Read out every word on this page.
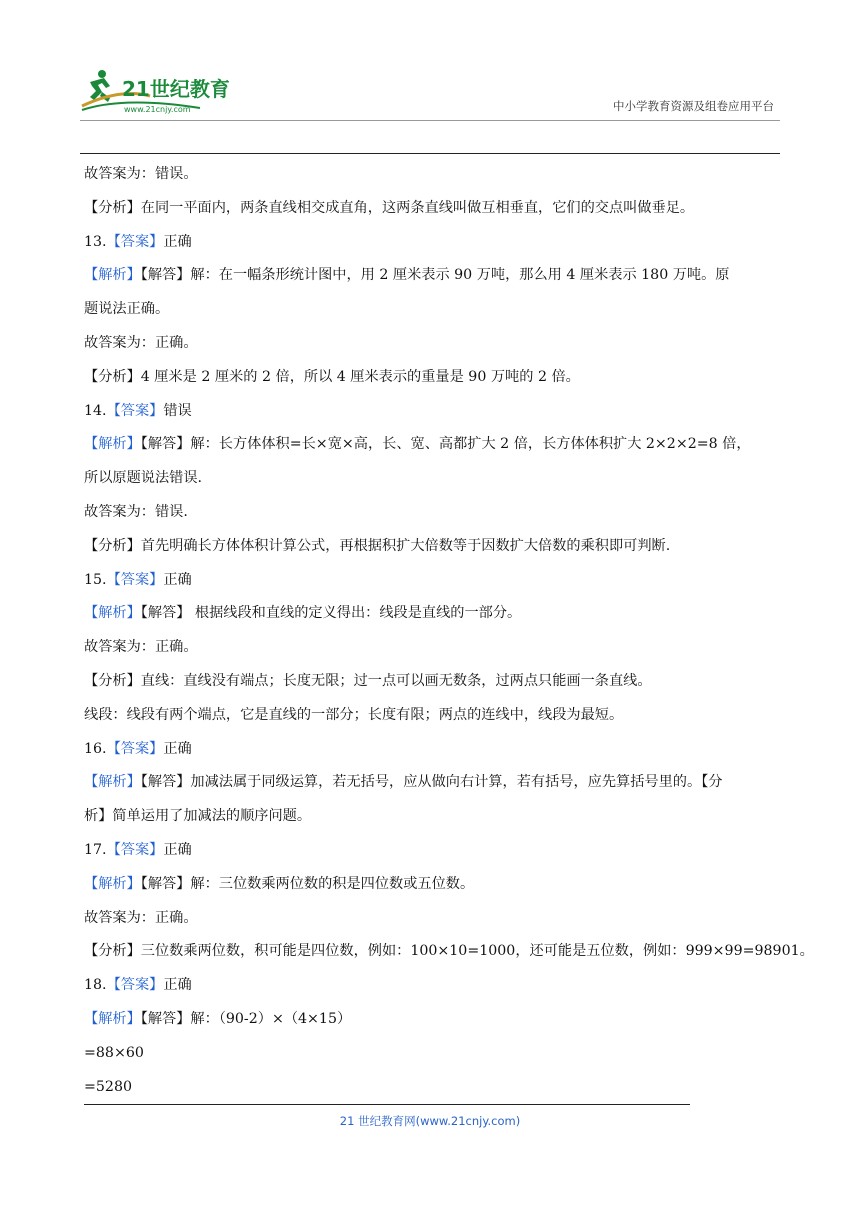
21世纪教育
www.21cnjy.com	中小学教育资源及组卷应用平台
故答案为：错误。
【分析】在同一平面内，两条直线相交成直角，这两条直线叫做互相垂直，它们的交点叫做垂足。
13.【答案】正确
【解析】【解答】解：在一幅条形统计图中，用 2 厘米表示 90 万吨，那么用 4 厘米表示 180 万吨。原
题说法正确。
故答案为：正确。
【分析】4 厘米是 2 厘米的 2 倍，所以 4 厘米表示的重量是 90 万吨的 2 倍。
14.【答案】错误
【解析】【解答】解：长方体体积=长×宽×高，长、宽、高都扩大 2 倍，长方体体积扩大 2×2×2=8 倍，
所以原题说法错误.
故答案为：错误.
【分析】首先明确长方体体积计算公式，再根据积扩大倍数等于因数扩大倍数的乘积即可判断.
15.【答案】正确
【解析】【解答】 根据线段和直线的定义得出：线段是直线的一部分。
故答案为：正确。
【分析】直线：直线没有端点；长度无限；过一点可以画无数条，过两点只能画一条直线。
线段：线段有两个端点，它是直线的一部分；长度有限；两点的连线中，线段为最短。
16.【答案】正确
【解析】【解答】加减法属于同级运算，若无括号，应从做向右计算，若有括号，应先算括号里的。【分
析】简单运用了加减法的顺序问题。
17.【答案】正确
【解析】【解答】解：三位数乘两位数的积是四位数或五位数。
故答案为：正确。
【分析】三位数乘两位数，积可能是四位数，例如：100×10=1000，还可能是五位数，例如：999×99=98901。
18.【答案】正确
【解析】【解答】解：（90-2）×（4×15）
=88×60
=5280
21 世纪教育网(www.21cnjy.com)
